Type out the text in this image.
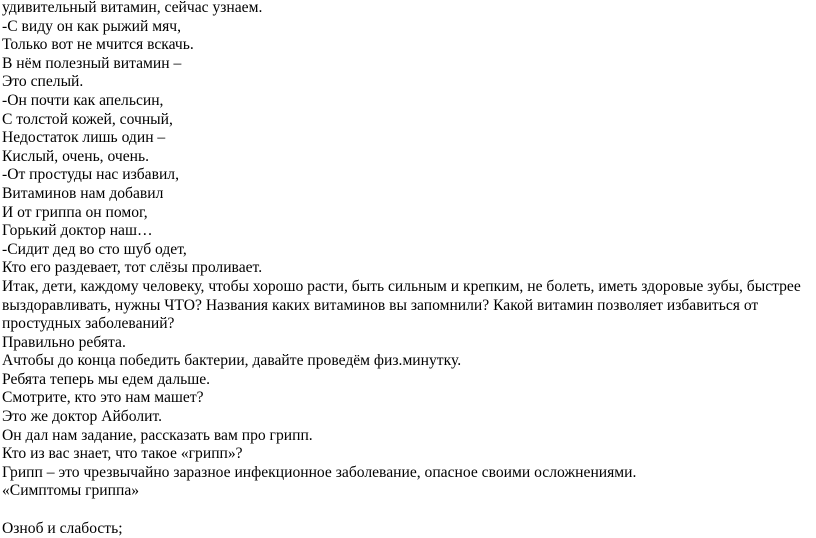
удивительный витамин, сейчас узнаем.
-С виду он как рыжий мяч,
Только вот не мчится вскачь.
В нём полезный витамин –
Это спелый.
-Он почти как апельсин,
С толстой кожей, сочный,
Недостаток лишь один –
Кислый, очень, очень.
-От простуды нас избавил,
Витаминов нам добавил
И от гриппа он помог,
Горький доктор наш…
-Сидит дед во сто шуб одет,
Кто его раздевает, тот слёзы проливает.
Итак, дети, каждому человеку, чтобы хорошо расти, быть сильным и крепким, не болеть, иметь здоровые зубы, быстрее выздоравливать, нужны ЧТО? Названия каких витаминов вы запомнили? Какой витамин позволяет избавиться от простудных заболеваний?
Правильно ребята.
Ачтобы до конца победить бактерии, давайте проведём физ.минутку.
Ребята теперь мы едем дальше.
Смотрите, кто это нам машет?
Это же доктор Айболит.
Он дал нам задание, рассказать вам про грипп.
Кто из вас знает, что такое «грипп»?
Грипп – это чрезвычайно заразное инфекционное заболевание, опасное своими осложнениями.
«Симптомы гриппа»
Озноб и слабость;
